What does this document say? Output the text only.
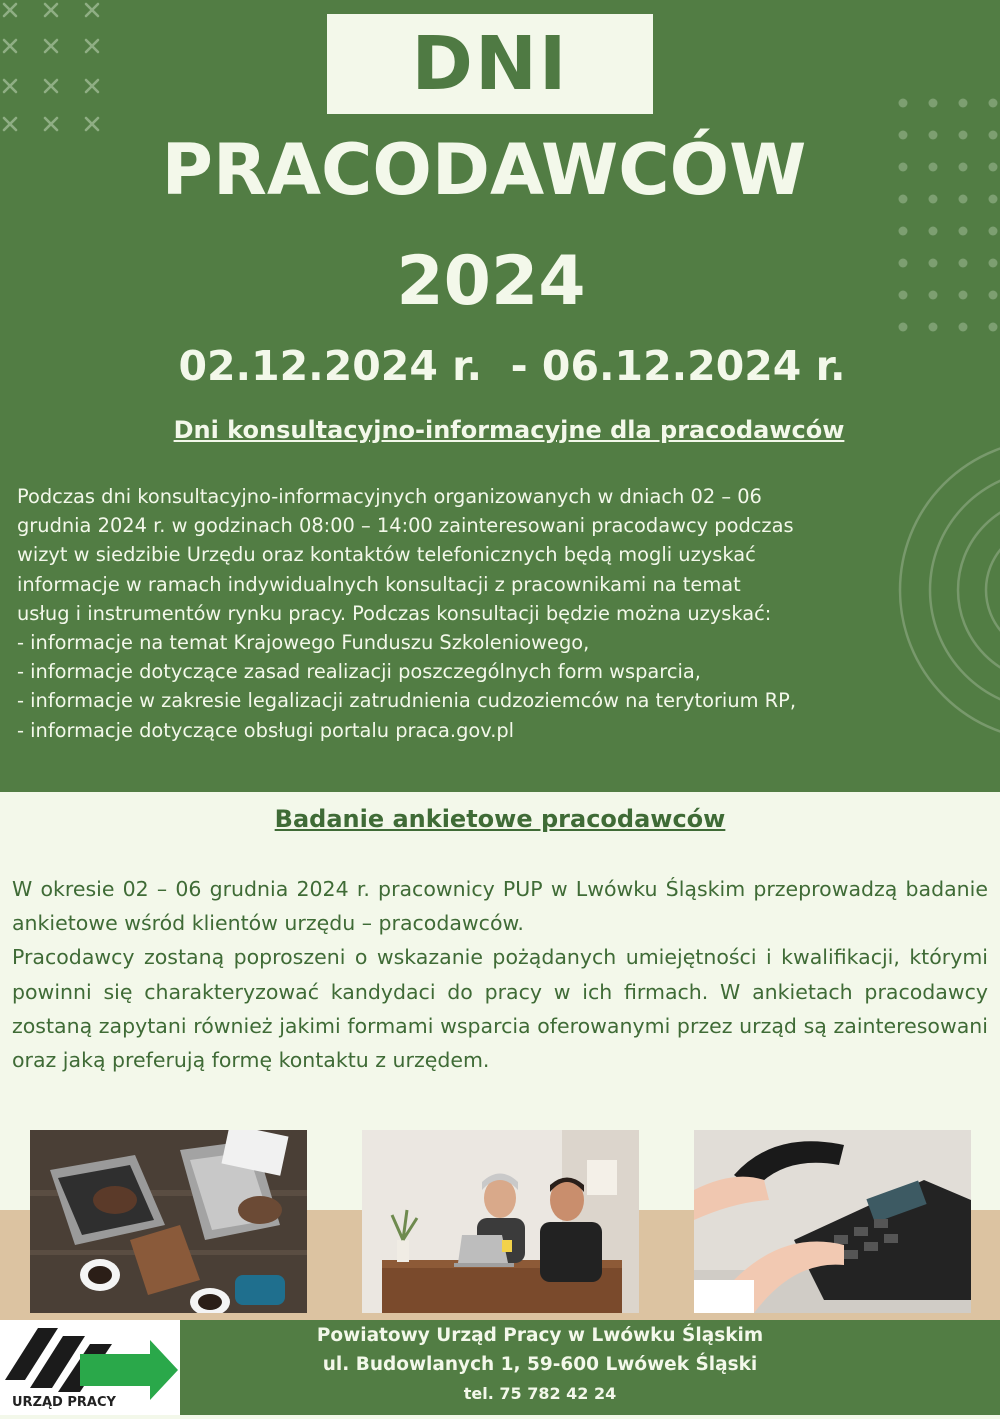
DNI
PRACODAWCÓW
2024
02.12.2024 r.  - 06.12.2024 r.
Dni konsultacyjno-informacyjne dla pracodawców
Podczas dni konsultacyjno-informacyjnych organizowanych w dniach 02 – 06
grudnia 2024 r. w godzinach 08:00 – 14:00 zainteresowani pracodawcy podczas
wizyt w siedzibie Urzędu oraz kontaktów telefonicznych będą mogli uzyskać
informacje w ramach indywidualnych konsultacji z pracownikami na temat
usług i instrumentów rynku pracy. Podczas konsultacji będzie można uzyskać:
- informacje na temat Krajowego Funduszu Szkoleniowego,
- informacje dotyczące zasad realizacji poszczególnych form wsparcia,
- informacje w zakresie legalizacji zatrudnienia cudzoziemców na terytorium RP,
- informacje dotyczące obsługi portalu praca.gov.pl
Badanie ankietowe pracodawców
W okresie 02 – 06 grudnia 2024 r. pracownicy PUP w Lwówku Śląskim przeprowadzą badanie ankietowe wśród klientów urzędu – pracodawców.
Pracodawcy zostaną poproszeni o wskazanie pożądanych umiejętności i kwalifikacji, którymi powinni się charakteryzować kandydaci do pracy w ich firmach. W ankietach pracodawcy zostaną zapytani również jakimi formami wsparcia oferowanymi przez urząd są zainteresowani oraz jaką preferują formę kontaktu z urzędem.
URZĄD PRACY
Powiatowy Urząd Pracy w Lwówku Śląskim
ul. Budowlanych 1, 59-600 Lwówek Śląski
tel. 75 782 42 24
